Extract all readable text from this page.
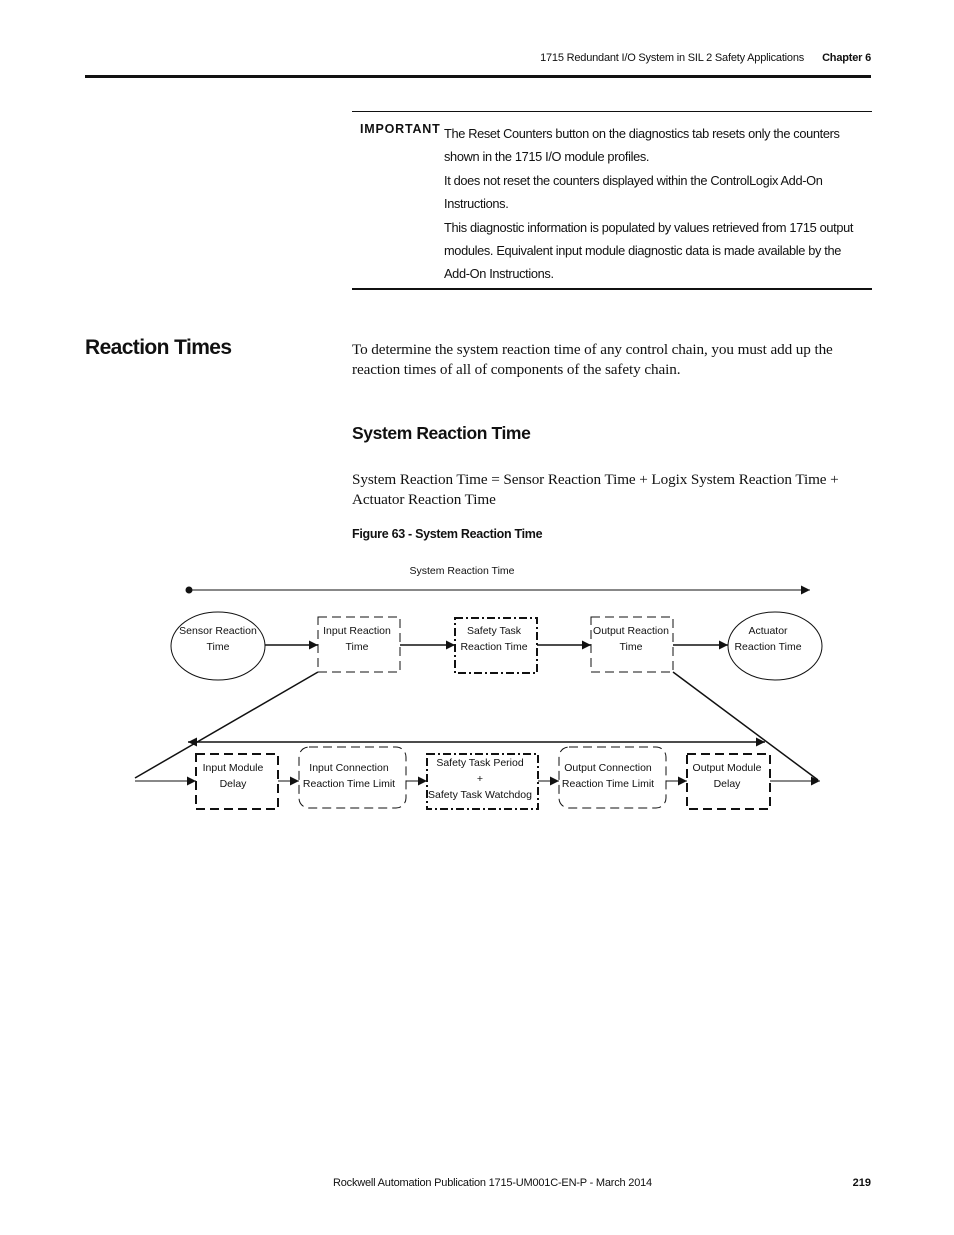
1715 Redundant I/O System in SIL 2 Safety Applications Chapter 6
IMPORTANT The Reset Counters button on the diagnostics tab resets only the counters shown in the 1715 I/O module profiles.

It does not reset the counters displayed within the ControlLogix Add-On Instructions.

This diagnostic information is populated by values retrieved from 1715 output modules. Equivalent input module diagnostic data is made available by the Add-On Instructions.

Reaction Times	To determine the system reaction time of any control chain, you must add up the reaction times of all of components of the safety chain.

System Reaction Time

System Reaction Time = Sensor Reaction Time + Logix System Reaction Time + Actuator Reaction Time

Figure 63 - System Reaction Time
System Reaction Time
Sensor Reaction Time
Input Reaction Time
Safety Task Reaction Time
Output Reaction Time
Actuator Reaction Time
Input Module Delay
Input Connection Reaction Time Limit
Safety Task Period + Safety Task Watchdog
Output Connection Reaction Time Limit
Output Module Delay
Rockwell Automation Publication 1715-UM001C-EN-P - March 2014	219
